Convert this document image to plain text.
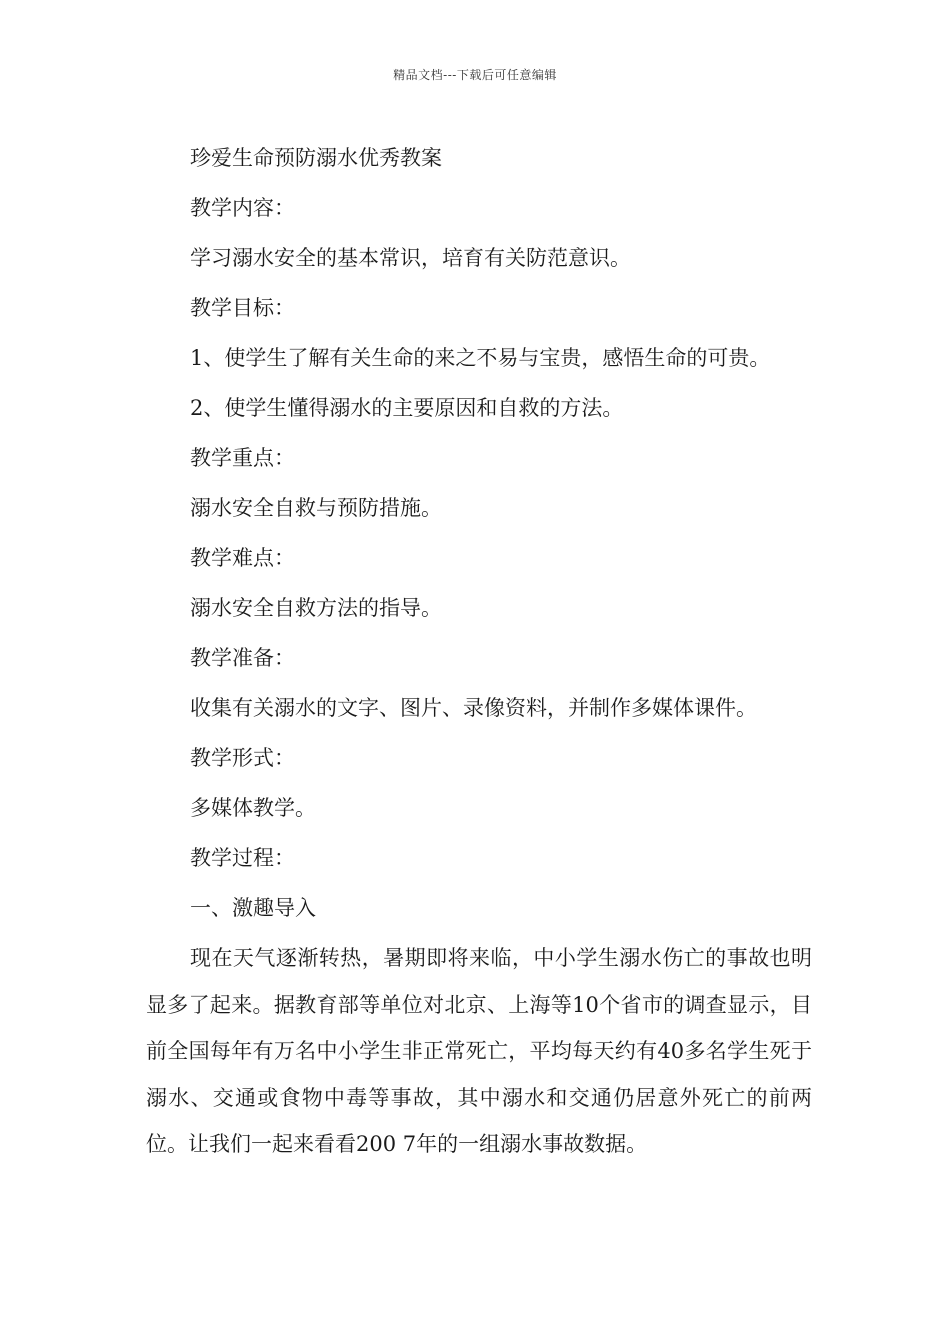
精品文档---下载后可任意编辑
珍爱生命预防溺水优秀教案
教学内容：
学习溺水安全的基本常识，培育有关防范意识。
教学目标：
1、使学生了解有关生命的来之不易与宝贵，感悟生命的可贵。
2、使学生懂得溺水的主要原因和自救的方法。
教学重点：
溺水安全自救与预防措施。
教学难点：
溺水安全自救方法的指导。
教学准备：
收集有关溺水的文字、图片、录像资料，并制作多媒体课件。
教学形式：
多媒体教学。
教学过程：
一、激趣导入

现在天气逐渐转热，暑期即将来临，中小学生溺水伤亡的事故也明显多了起来。据教育部等单位对北京、上海等10个省市的调查显示，目前全国每年有万名中小学生非正常死亡，平均每天约有40多名学生死于溺水、交通或食物中毒等事故，其中溺水和交通仍居意外死亡的前两位。让我们一起来看看200 7年的一组溺水事故数据。
